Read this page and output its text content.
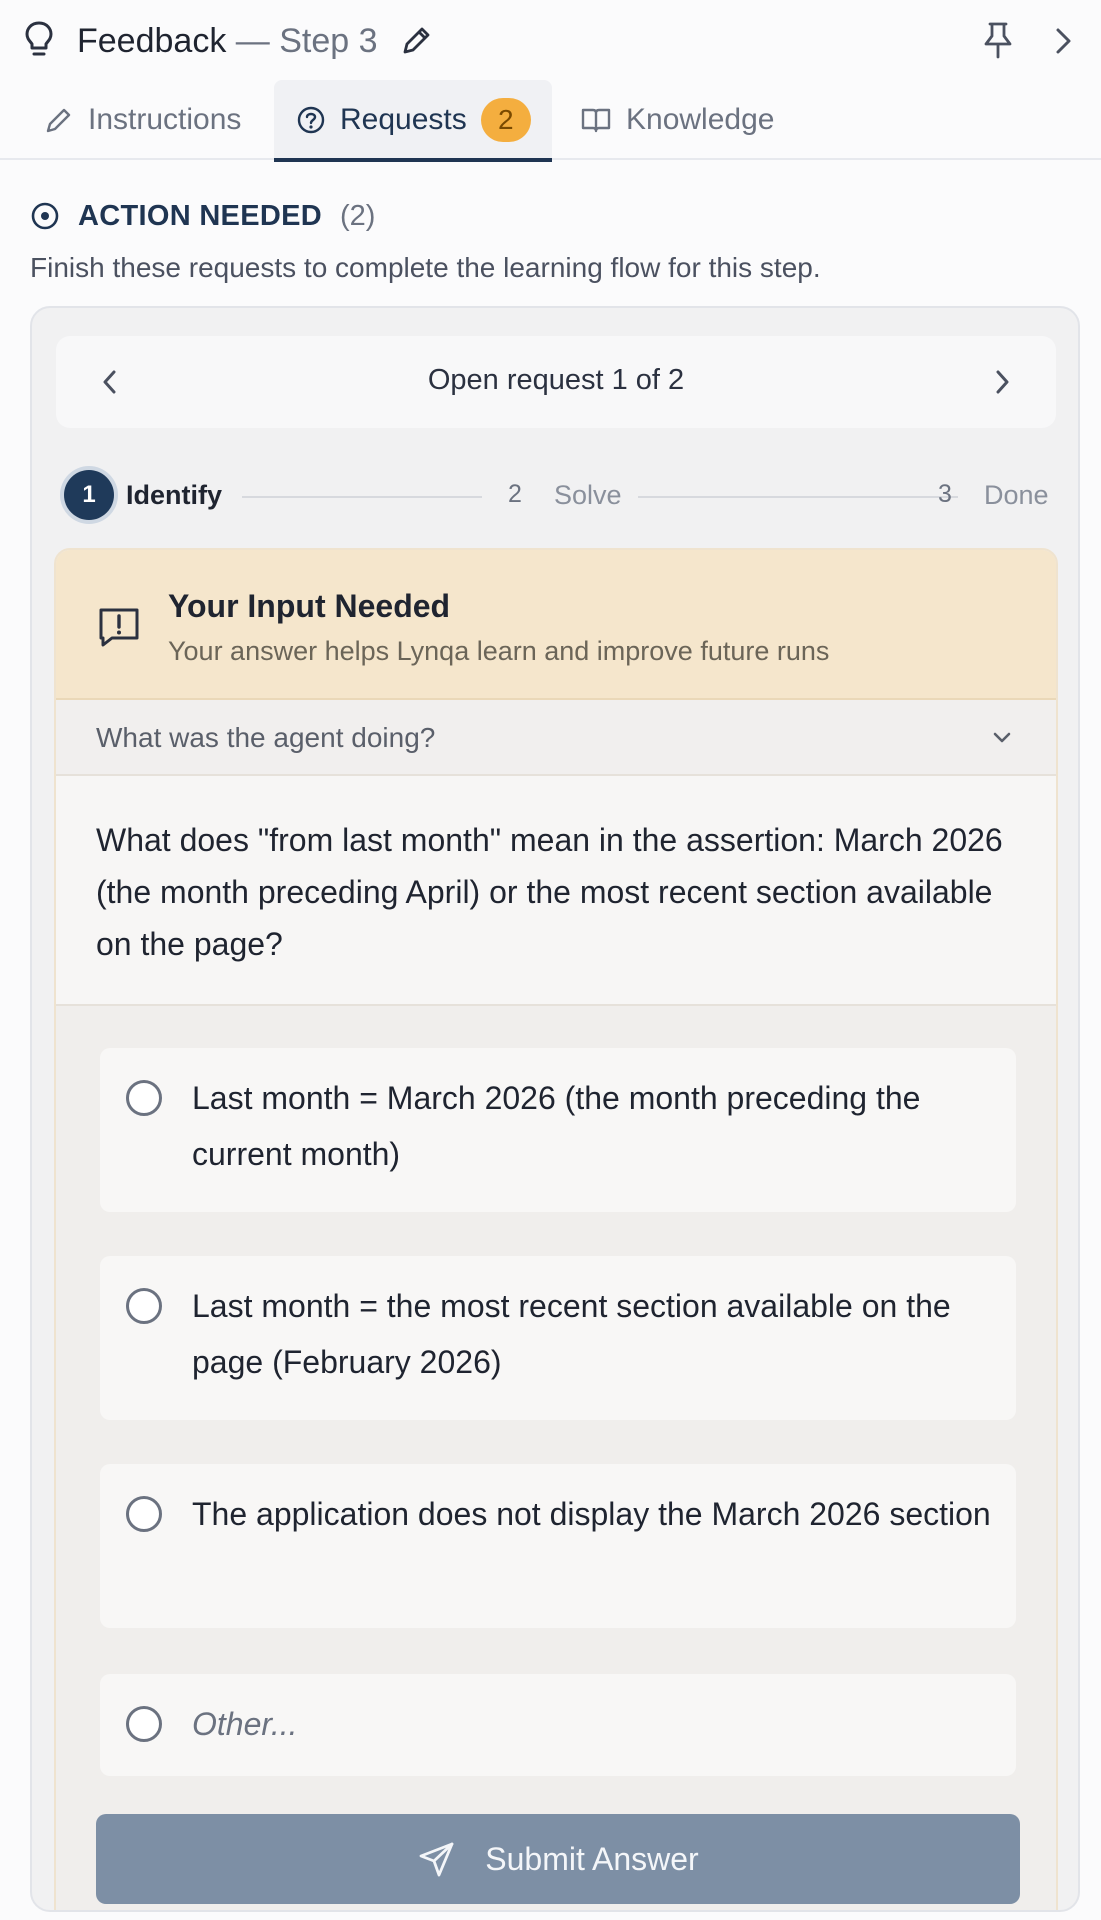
Feedback — Step 3
Instructions	Requests	2	Knowledge
ACTION NEEDED (2)
Finish these requests to complete the learning flow for this step.
Open request 1 of 2
1	Identify	2 Solve	3 Done
Your Input Needed
Your answer helps Lynqa learn and improve future runs
What was the agent doing?
What does "from last month" mean in the assertion: March 2026 (the month preceding April) or the most recent section available on the page?
Last month = March 2026 (the month preceding the current month)
Last month = the most recent section available on the page (February 2026)
The application does not display the March 2026 section
Other...
Submit Answer
